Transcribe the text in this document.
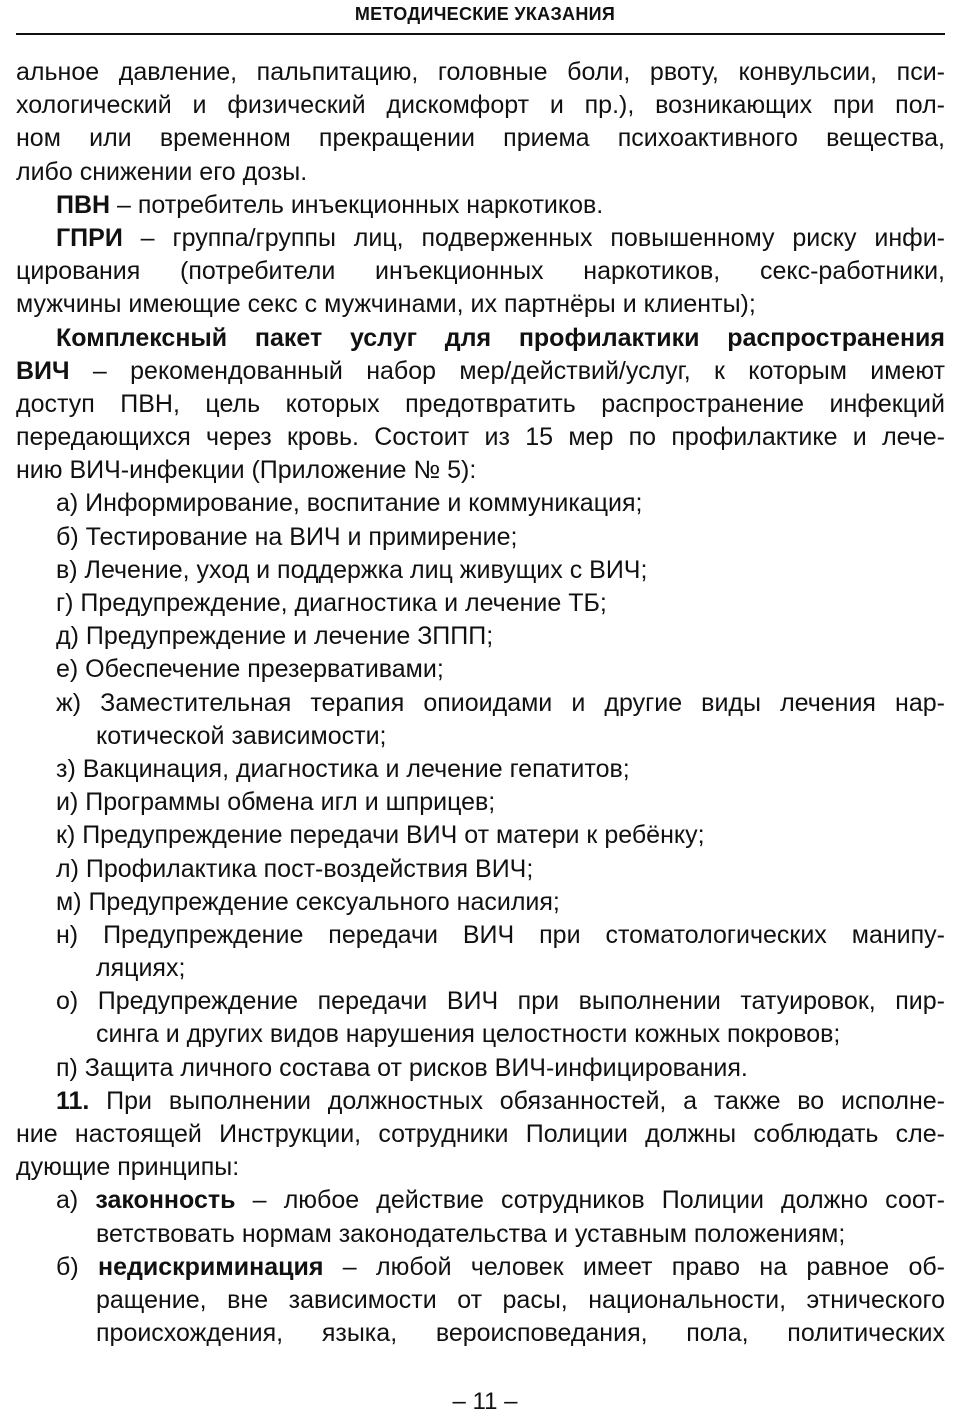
МЕТОДИЧЕСКИЕ УКАЗАНИЯ
альное давление, пальпитацию, головные боли, рвоту, конвульсии, пси-
хологический и физический дискомфорт и пр.), возникающих при пол-
ном или временном прекращении приема психоактивного вещества,
либо снижении его дозы.
ПВН – потребитель инъекционных наркотиков.
ГПРИ – группа/группы лиц, подверженных повышенному риску инфи-
цирования (потребители инъекционных наркотиков, секс-работники,
мужчины имеющие секс с мужчинами, их партнёры и клиенты);
Комплексный пакет услуг для профилактики распространения
ВИЧ – рекомендованный набор мер/действий/услуг, к которым имеют
доступ ПВН, цель которых предотвратить распространение инфекций
передающихся через кровь. Состоит из 15 мер по профилактике и лече-
нию ВИЧ-инфекции (Приложение № 5):
а) Информирование, воспитание и коммуникация;
б) Тестирование на ВИЧ и примирение;
в) Лечение, уход и поддержка лиц живущих с ВИЧ;
г) Предупреждение, диагностика и лечение ТБ;
д) Предупреждение и лечение ЗППП;
е) Обеспечение презервативами;
ж) Заместительная терапия опиоидами и другие виды лечения нар-
котической зависимости;
з) Вакцинация, диагностика и лечение гепатитов;
и) Программы обмена игл и шприцев;
к) Предупреждение передачи ВИЧ от матери к ребёнку;
л) Профилактика пост-воздействия ВИЧ;
м) Предупреждение сексуального насилия;
н) Предупреждение передачи ВИЧ при стоматологических манипу-
ляциях;
о) Предупреждение передачи ВИЧ при выполнении татуировок, пир-
синга и других видов нарушения целостности кожных покровов;
п) Защита личного состава от рисков ВИЧ-инфицирования.
11. При выполнении должностных обязанностей, а также во исполне-
ние настоящей Инструкции, сотрудники Полиции должны соблюдать сле-
дующие принципы:
а) законность – любое действие сотрудников Полиции должно соот-
ветствовать нормам законодательства и уставным положениям;
б) недискриминация – любой человек имеет право на равное об-
ращение, вне зависимости от расы, национальности, этнического
происхождения, языка, вероисповедания, пола, политических
– 11 –
